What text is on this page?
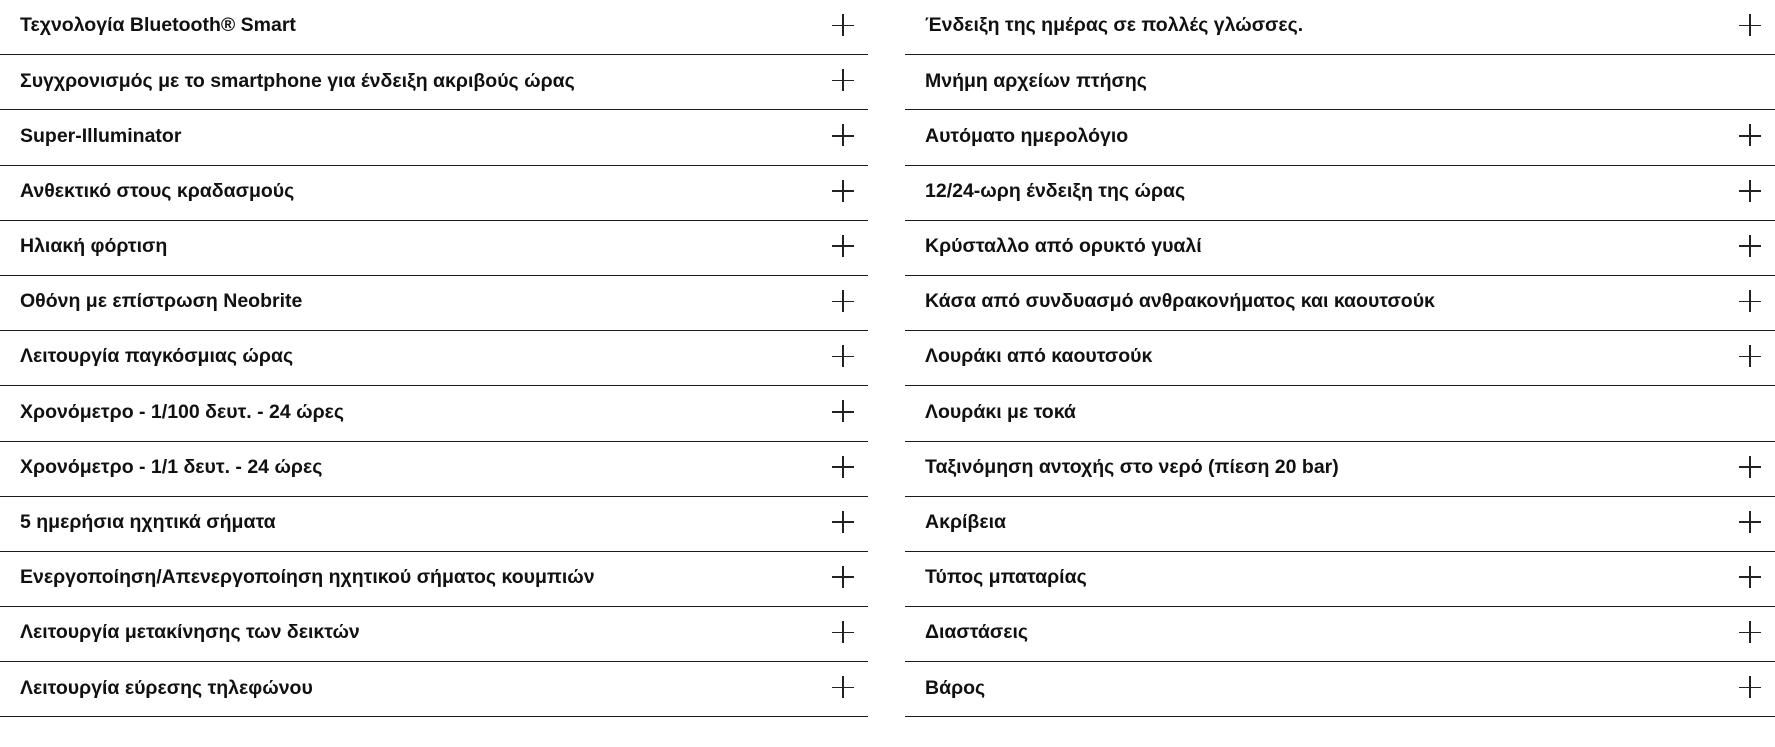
Τεχνολογία Bluetooth® Smart
Συγχρονισμός με το smartphone για ένδειξη ακριβούς ώρας
Super-Illuminator
Ανθεκτικό στους κραδασμούς
Ηλιακή φόρτιση
Οθόνη με επίστρωση Neobrite
Λειτουργία παγκόσμιας ώρας
Χρονόμετρο - 1/100 δευτ. - 24 ώρες
Χρονόμετρο - 1/1 δευτ. - 24 ώρες
5 ημερήσια ηχητικά σήματα
Ενεργοποίηση/Απενεργοποίηση ηχητικού σήματος κουμπιών
Λειτουργία μετακίνησης των δεικτών
Λειτουργία εύρεσης τηλεφώνου
Ένδειξη της ημέρας σε πολλές γλώσσες.
Μνήμη αρχείων πτήσης
Αυτόματο ημερολόγιο
12/24-ωρη ένδειξη της ώρας
Κρύσταλλο από ορυκτό γυαλί
Κάσα από συνδυασμό ανθρακονήματος και καουτσούκ
Λουράκι από καουτσούκ
Λουράκι με τοκά
Ταξινόμηση αντοχής στο νερό (πίεση 20 bar)
Ακρίβεια
Τύπος μπαταρίας
Διαστάσεις
Βάρος
